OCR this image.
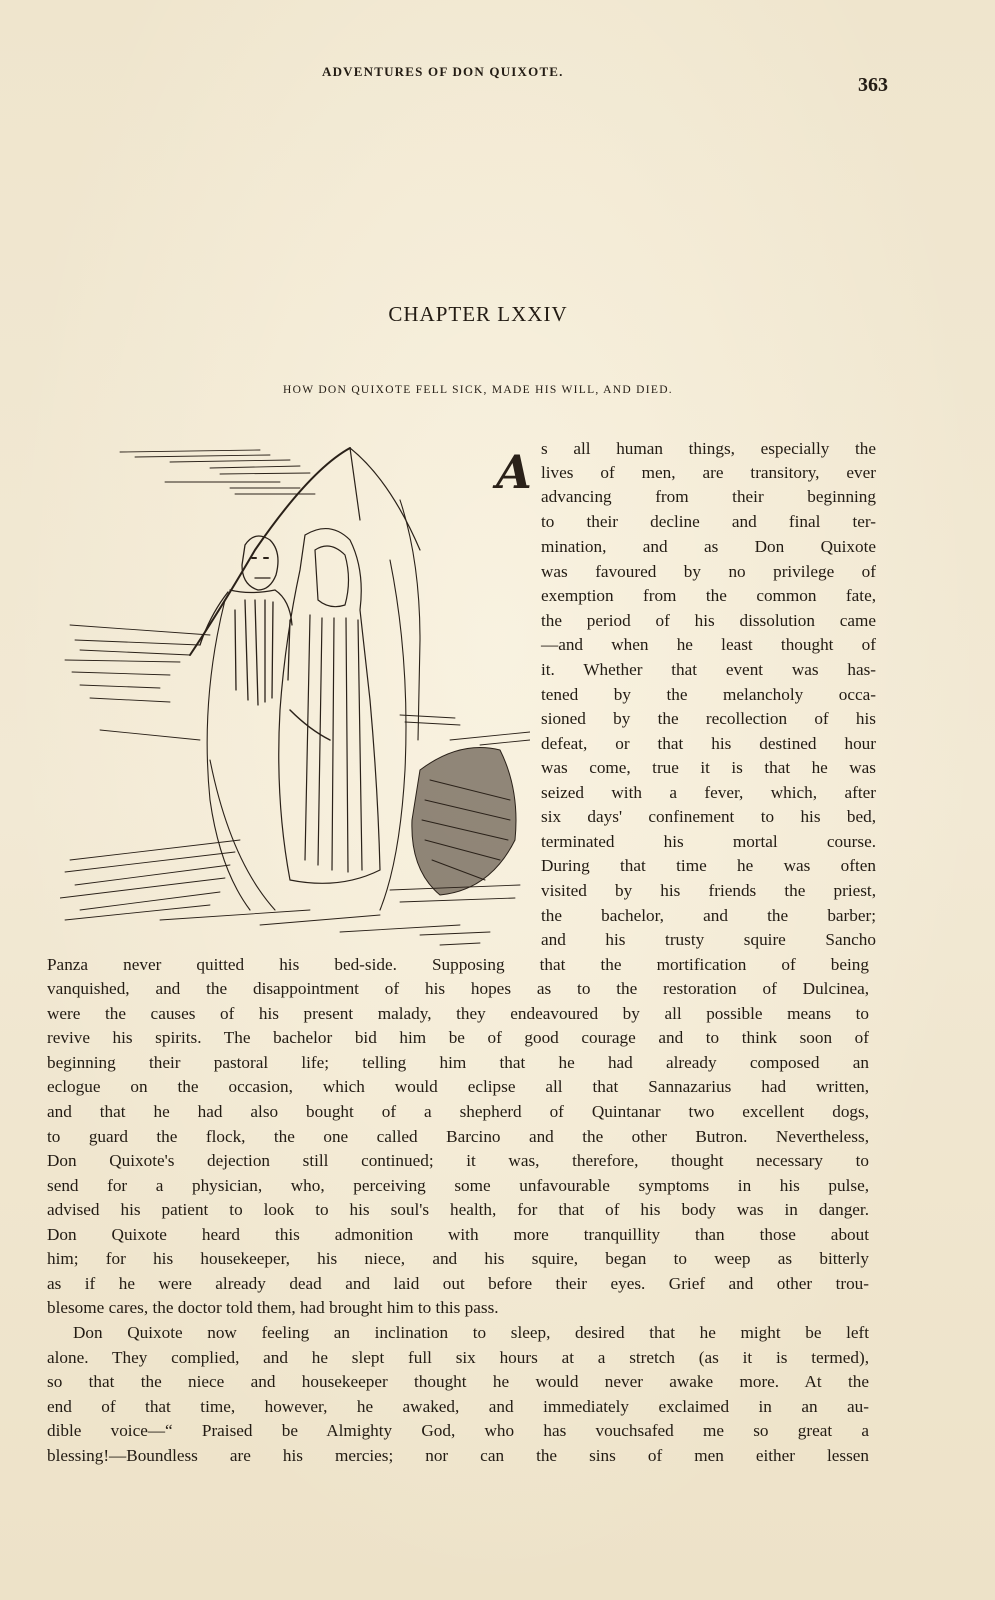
ADVENTURES OF DON QUIXOTE.
363
CHAPTER LXXIV
HOW DON QUIXOTE FELL SICK, MADE HIS WILL, AND DIED.
A s all human things, especially the
lives of men, are transitory, ever
advancing from their beginning
to their decline and final ter-
mination, and as Don Quixote
was favoured by no privilege of
exemption from the common fate,
the period of his dissolution came
—and when he least thought of
it. Whether that event was has-
tened by the melancholy occa-
sioned by the recollection of his
defeat, or that his destined hour
was come, true it is that he was
seized with a fever, which, after
six days' confinement to his bed,
terminated his mortal course.
During that time he was often
visited by his friends the priest,
the bachelor, and the barber;
and his trusty squire Sancho
Panza never quitted his bed-side. Supposing that the mortification of being
vanquished, and the disappointment of his hopes as to the restoration of Dulcinea,
were the causes of his present malady, they endeavoured by all possible means to
revive his spirits. The bachelor bid him be of good courage and to think soon of
beginning their pastoral life; telling him that he had already composed an
eclogue on the occasion, which would eclipse all that Sannazarius had written,
and that he had also bought of a shepherd of Quintanar two excellent dogs,
to guard the flock, the one called Barcino and the other Butron. Nevertheless,
Don Quixote's dejection still continued; it was, therefore, thought necessary to
send for a physician, who, perceiving some unfavourable symptoms in his pulse,
advised his patient to look to his soul's health, for that of his body was in danger.
Don Quixote heard this admonition with more tranquillity than those about
him; for his housekeeper, his niece, and his squire, began to weep as bitterly
as if he were already dead and laid out before their eyes. Grief and other trou-
blesome cares, the doctor told them, had brought him to this pass.
Don Quixote now feeling an inclination to sleep, desired that he might be left
alone. They complied, and he slept full six hours at a stretch (as it is termed),
so that the niece and housekeeper thought he would never awake more. At the
end of that time, however, he awaked, and immediately exclaimed in an au-
dible voice—“ Praised be Almighty God, who has vouchsafed me so great a
blessing!—Boundless are his mercies; nor can the sins of men either lessen
